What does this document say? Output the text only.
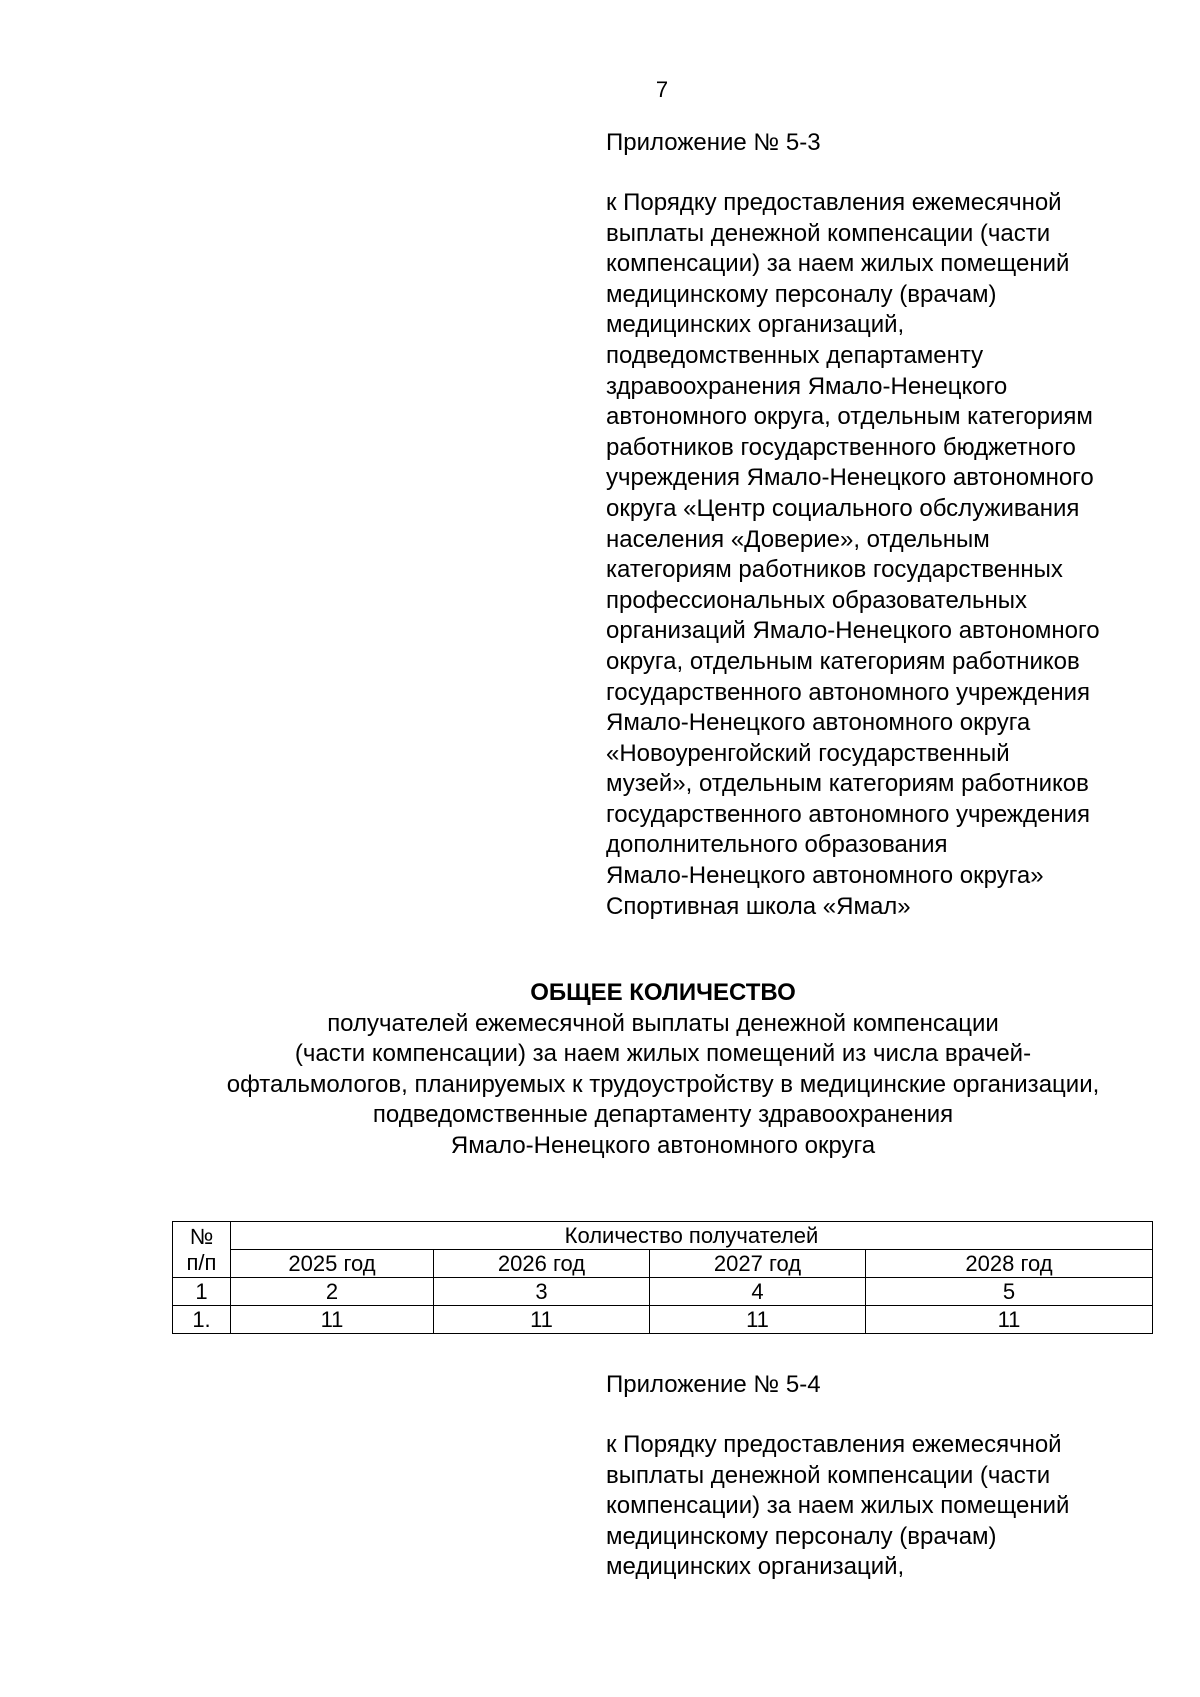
7
Приложение № 5-3
к Порядку предоставления ежемесячной
выплаты денежной компенсации (части
компенсации) за наем жилых помещений
медицинскому персоналу (врачам)
медицинских организаций,
подведомственных департаменту
здравоохранения Ямало-Ненецкого
автономного округа, отдельным категориям
работников государственного бюджетного
учреждения Ямало-Ненецкого автономного
округа «Центр социального обслуживания
населения «Доверие», отдельным
категориям работников государственных
профессиональных образовательных
организаций Ямало-Ненецкого автономного
округа, отдельным категориям работников
государственного автономного учреждения
Ямало-Ненецкого автономного округа
«Новоуренгойский государственный
музей», отдельным категориям работников
государственного автономного учреждения
дополнительного образования
Ямало-Ненецкого автономного округа»
Спортивная школа «Ямал»
ОБЩЕЕ КОЛИЧЕСТВО
получателей ежемесячной выплаты денежной компенсации
(части компенсации) за наем жилых помещений из числа врачей-
офтальмологов, планируемых к трудоустройству в медицинские организации,
подведомственные департаменту здравоохранения
Ямало-Ненецкого автономного округа
№
п/п	Количество получателей			
	2025 год	2026 год	2027 год	2028 год
1	2	3	4	5
1.	11	11	11	11
Приложение № 5-4
к Порядку предоставления ежемесячной
выплаты денежной компенсации (части
компенсации) за наем жилых помещений
медицинскому персоналу (врачам)
медицинских организаций,
